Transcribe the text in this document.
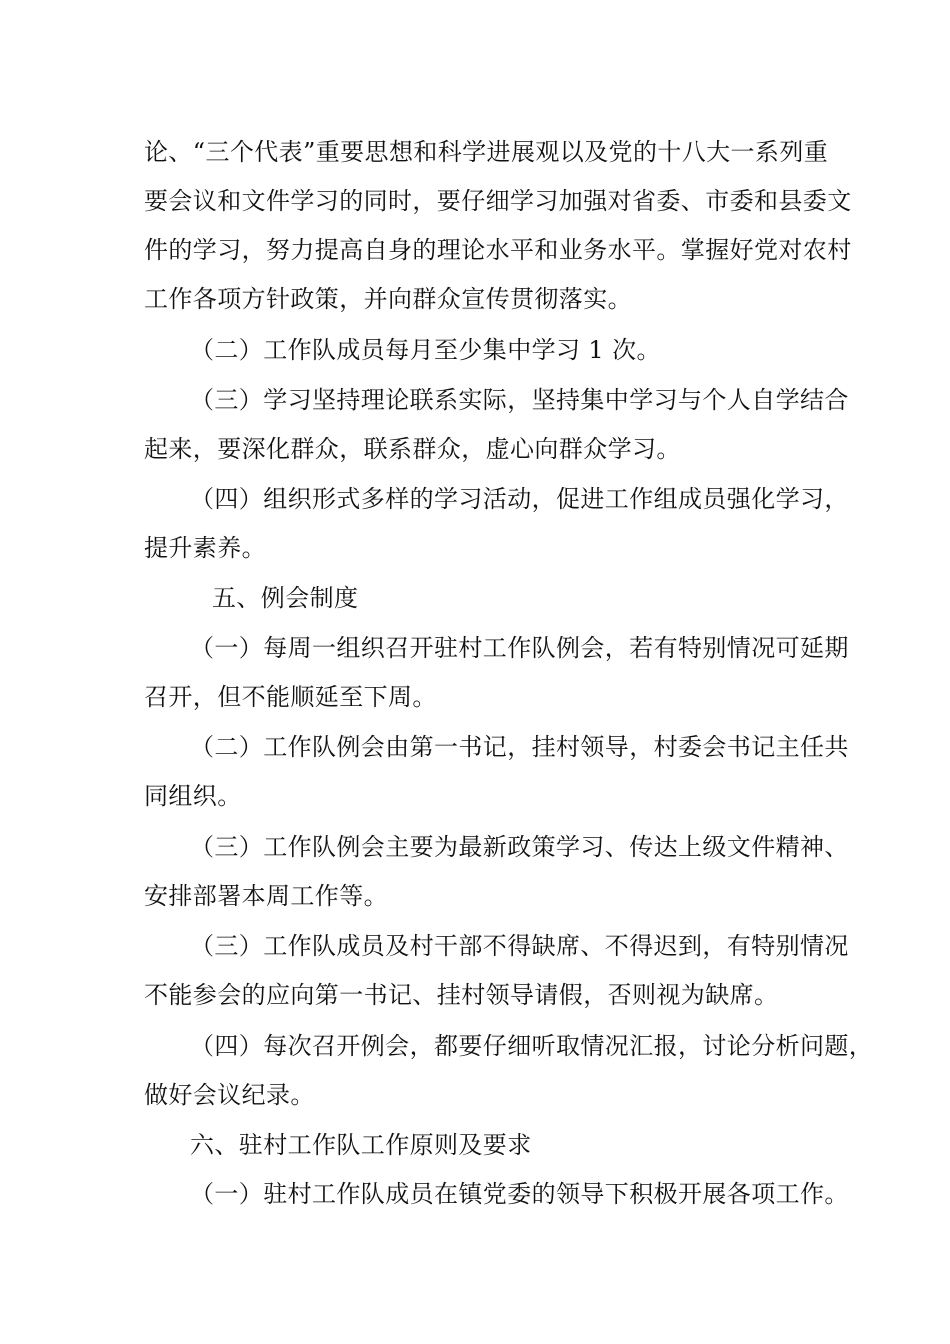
论、“三个代表”重要思想和科学进展观以及党的十八大一系列重
要会议和文件学习的同时，要仔细学习加强对省委、市委和县委文
件的学习，努力提高自身的理论水平和业务水平。掌握好党对农村
工作各项方针政策，并向群众宣传贯彻落实。
（二）工作队成员每月至少集中学习 1 次。
（三）学习坚持理论联系实际，坚持集中学习与个人自学结合
起来，要深化群众，联系群众，虚心向群众学习。
（四）组织形式多样的学习活动，促进工作组成员强化学习，
提升素养。
五、例会制度
（一）每周一组织召开驻村工作队例会，若有特别情况可延期
召开，但不能顺延至下周。
（二）工作队例会由第一书记，挂村领导，村委会书记主任共
同组织。
（三）工作队例会主要为最新政策学习、传达上级文件精神、
安排部署本周工作等。
（三）工作队成员及村干部不得缺席、不得迟到，有特别情况
不能参会的应向第一书记、挂村领导请假，否则视为缺席。
（四）每次召开例会，都要仔细听取情况汇报，讨论分析问题，
做好会议纪录。
六、驻村工作队工作原则及要求
（一）驻村工作队成员在镇党委的领导下积极开展各项工作。
